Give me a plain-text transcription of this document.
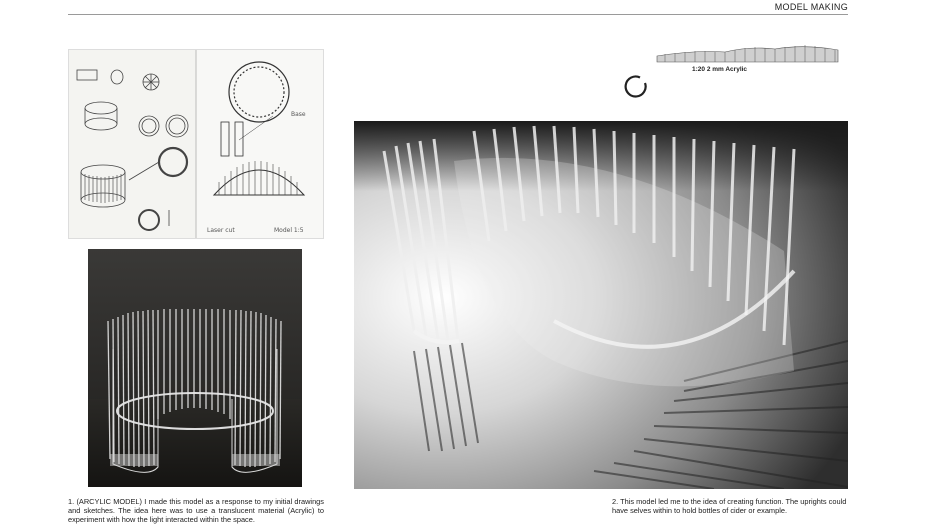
MODEL MAKING
Base
Laser cut	Model 1:5
1:20 2 mm Acrylic
1. (ARCYLIC MODEL) I made this model as a response to my initial drawings and sketches. The idea here was to use a translucent material (Acrylic) to experiment with how the light interacted within the space.
2. This model led me to the idea of creating function. The uprights could have selves within to hold bottles of cider or example.
